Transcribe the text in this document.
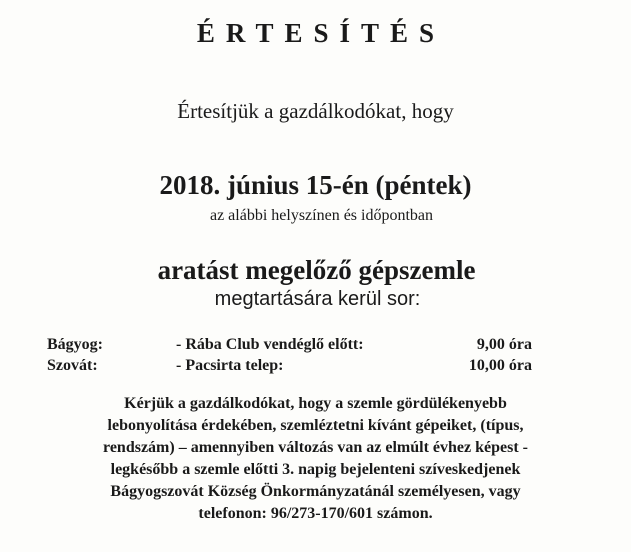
ÉRTESÍTÉS
Értesítjük a gazdálkodókat, hogy
2018. június 15-én (péntek)
az alábbi helyszínen és időpontban
aratást megelőző gépszemle
megtartására kerül sor:
Bágyog:	- Rába Club vendéglő előtt:	9,00 óra
Szovát:	- Pacsirta telep:	10,00 óra
Kérjük a gazdálkodókat, hogy a szemle gördülékenyebb
lebonyolítása érdekében, szemléztetni kívánt gépeiket, (típus,
rendszám) – amennyiben változás van az elmúlt évhez képest -
legkésőbb a szemle előtti 3. napig bejelenteni szíveskedjenek
Bágyogszovát Község Önkormányzatánál személyesen, vagy
telefonon: 96/273-170/601 számon.
